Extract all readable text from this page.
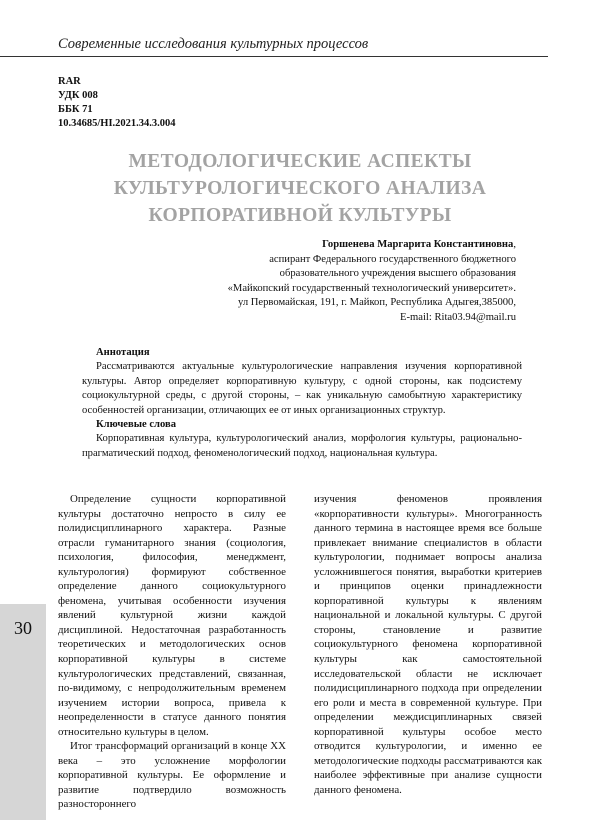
Современные исследования культурных процессов
RAR
УДК 008
ББК 71
10.34685/HI.2021.34.3.004
МЕТОДОЛОГИЧЕСКИЕ АСПЕКТЫ
КУЛЬТУРОЛОГИЧЕСКОГО АНАЛИЗА
КОРПОРАТИВНОЙ КУЛЬТУРЫ
Горшенева Маргарита Константиновна,
аспирант Федерального государственного бюджетного
образовательного учреждения высшего образования
«Майкопский государственный технологический университет».
ул Первомайская, 191, г. Майкоп, Республика Адыгея,385000,
E-mail: Rita03.94@mail.ru
Аннотация

Рассматриваются актуальные культурологические направления изучения корпоративной культуры. Автор определяет корпоративную культуру, с одной стороны, как подсистему социокультурной среды, с другой стороны, – как уникальную самобытную характеристику особенностей организации, отличающих ее от иных организационных структур.

Ключевые слова

Корпоративная культура, культурологический анализ, морфология культуры, рационально-прагматический подход, феноменологический подход, национальная культура.

Определение сущности корпоративной культуры достаточно непросто в силу ее полидисциплинарного характера. Разные отрасли гуманитарного знания (социология, психология, философия, менеджмент, культурология) формируют собственное определение данного социокультурного феномена, учитывая особенности изучения явлений культурной жизни каждой дисциплиной. Недостаточная разработанность теоретических и методологических основ корпоративной культуры в системе культурологических представлений, связанная, по-видимому, с непродолжительным временем изучением истории вопроса, привела к неопределенности в статусе данного понятия относительно культуры в целом.

Итог трансформаций организаций в конце XX века – это усложнение морфологии корпоративной культуры. Ее оформление и развитие подтвердило возможность разностороннего

изучения феноменов проявления «корпоративности культуры». Многогранность данного термина в настоящее время все больше привлекает внимание специалистов в области культурологии, поднимает вопросы анализа усложнившегося понятия, выработки критериев и принципов оценки принадлежности корпоративной культуры к явлениям национальной и локальной культуры. С другой стороны, становление и развитие социокультурного феномена корпоративной культуры как самостоятельной исследовательской области не исключает полидисциплинарного подхода при определении его роли и места в современной культуре. При определении междисциплинарных связей корпоративной культуры особое место отводится культурологии, и именно ее методологические подходы рассматриваются как наиболее эффективные при анализе сущности данного феномена.

30
